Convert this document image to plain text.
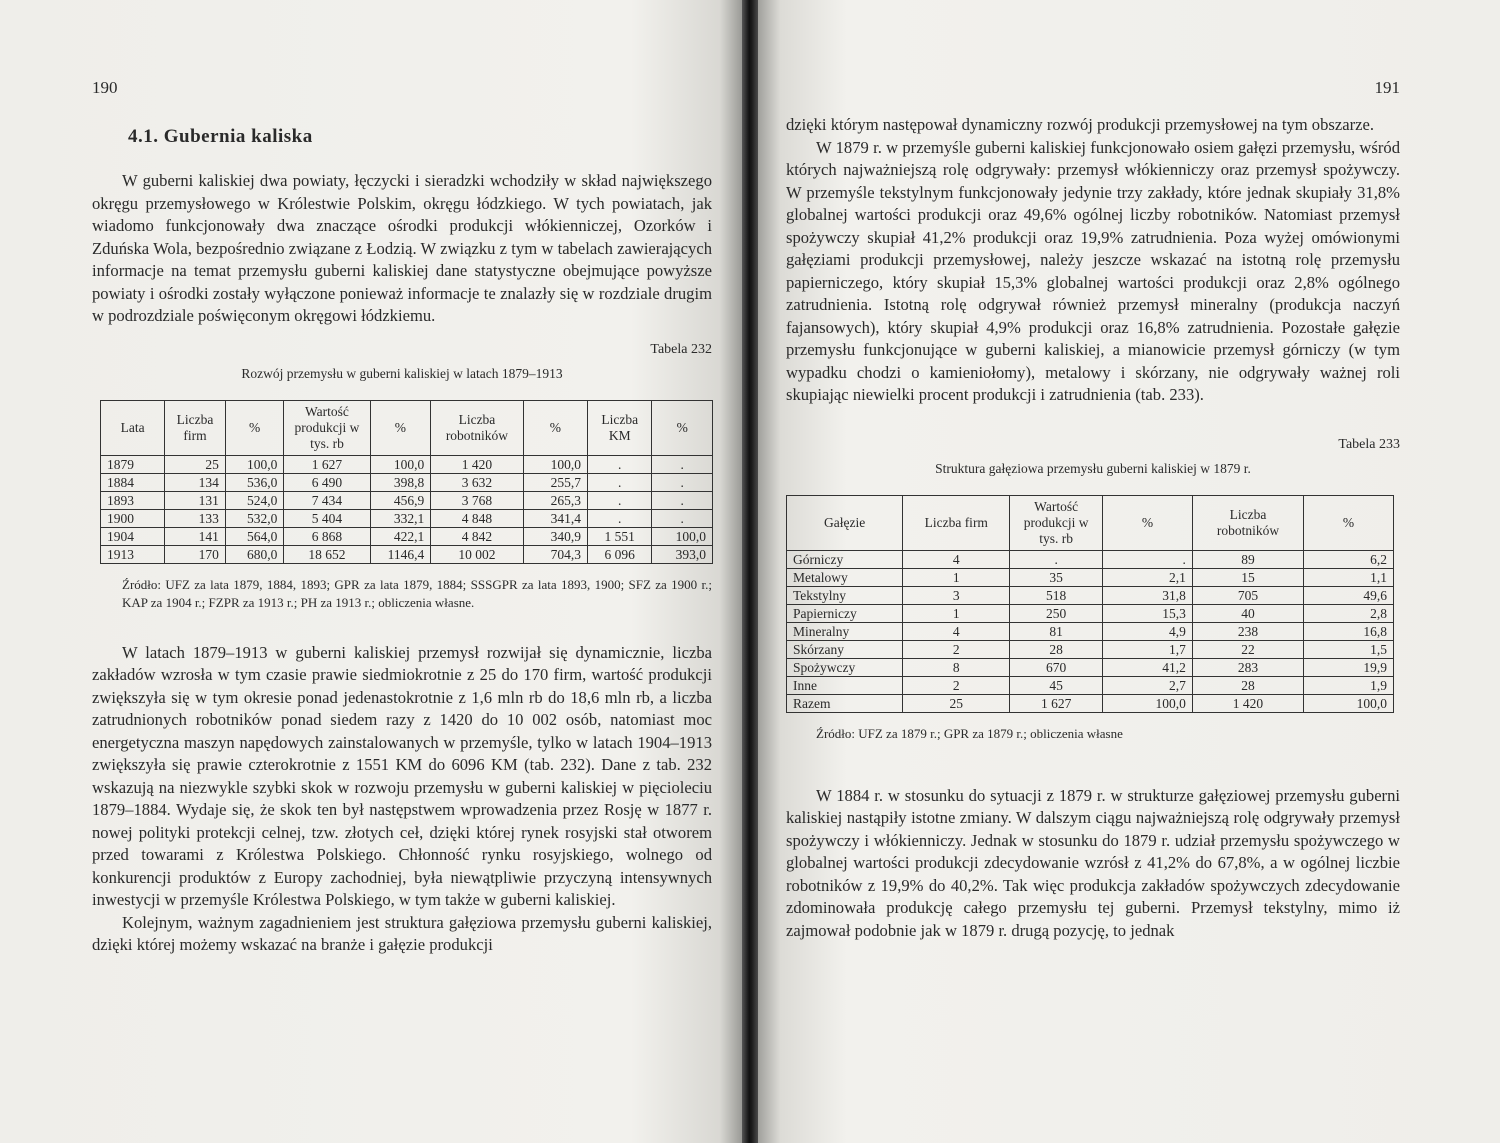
190
4.1. Gubernia kaliska

W guberni kaliskiej dwa powiaty, łęczycki i sieradzki wchodziły w skład największego okręgu przemysłowego w Królestwie Polskim, okręgu łódzkiego. W tych powiatach, jak wiadomo funkcjonowały dwa znaczące ośrodki produkcji włókienniczej, Ozorków i Zduńska Wola, bezpośrednio związane z Łodzią. W związku z tym w tabelach zawierających informacje na temat przemysłu guberni kaliskiej dane statystyczne obejmujące powyższe powiaty i ośrodki zostały wyłączone ponieważ informacje te znalazły się w rozdziale drugim w podrozdziale poświęconym okręgowi łódzkiemu.

Tabela 232
Rozwój przemysłu w guberni kaliskiej w latach 1879–1913
Lata	Liczba firm	%	Wartość produkcji w tys. rb	%	Liczba robotników	%	Liczba KM	%
1879	25	100,0	1 627	100,0	1 420	100,0	.	.
1884	134	536,0	6 490	398,8	3 632	255,7	.	.
1893	131	524,0	7 434	456,9	3 768	265,3	.	.
1900	133	532,0	5 404	332,1	4 848	341,4	.	.
1904	141	564,0	6 868	422,1	4 842	340,9	1 551	100,0
1913	170	680,0	18 652	1146,4	10 002	704,3	6 096	393,0
Źródło: UFZ za lata 1879, 1884, 1893; GPR za lata 1879, 1884; SSSGPR za lata 1893, 1900; SFZ za 1900 r.; KAP za 1904 r.; FZPR za 1913 r.; PH za 1913 r.; obliczenia własne.

W latach 1879–1913 w guberni kaliskiej przemysł rozwijał się dynamicznie, liczba zakładów wzrosła w tym czasie prawie siedmiokrotnie z 25 do 170 firm, wartość produkcji zwiększyła się w tym okresie ponad jedenastokrotnie z 1,6 mln rb do 18,6 mln rb, a liczba zatrudnionych robotników ponad siedem razy z 1420 do 10 002 osób, natomiast moc energetyczna maszyn napędowych zainstalowanych w przemyśle, tylko w latach 1904–1913 zwiększyła się prawie czterokrotnie z 1551 KM do 6096 KM (tab. 232). Dane z tab. 232 wskazują na niezwykle szybki skok w rozwoju przemysłu w guberni kaliskiej w pięcioleciu 1879–1884. Wydaje się, że skok ten był następstwem wprowadzenia przez Rosję w 1877 r. nowej polityki protekcji celnej, tzw. złotych ceł, dzięki której rynek rosyjski stał otworem przed towarami z Królestwa Polskiego. Chłonność rynku rosyjskiego, wolnego od konkurencji produktów z Europy zachodniej, była niewątpliwie przyczyną intensywnych inwestycji w przemyśle Królestwa Polskiego, w tym także w guberni kaliskiej.

Kolejnym, ważnym zagadnieniem jest struktura gałęziowa przemysłu guberni kaliskiej, dzięki której możemy wskazać na branże i gałęzie produkcji

191

dzięki którym następował dynamiczny rozwój produkcji przemysłowej na tym obszarze.

W 1879 r. w przemyśle guberni kaliskiej funkcjonowało osiem gałęzi przemysłu, wśród których najważniejszą rolę odgrywały: przemysł włókienniczy oraz przemysł spożywczy. W przemyśle tekstylnym funkcjonowały jedynie trzy zakłady, które jednak skupiały 31,8% globalnej wartości produkcji oraz 49,6% ogólnej liczby robotników. Natomiast przemysł spożywczy skupiał 41,2% produkcji oraz 19,9% zatrudnienia. Poza wyżej omówionymi gałęziami produkcji przemysłowej, należy jeszcze wskazać na istotną rolę przemysłu papierniczego, który skupiał 15,3% globalnej wartości produkcji oraz 2,8% ogólnego zatrudnienia. Istotną rolę odgrywał również przemysł mineralny (produkcja naczyń fajansowych), który skupiał 4,9% produkcji oraz 16,8% zatrudnienia. Pozostałe gałęzie przemysłu funkcjonujące w guberni kaliskiej, a mianowicie przemysł górniczy (w tym wypadku chodzi o kamieniołomy), metalowy i skórzany, nie odgrywały ważnej roli skupiając niewielki procent produkcji i zatrudnienia (tab. 233).

Tabela 233
Struktura gałęziowa przemysłu guberni kaliskiej w 1879 r.
Gałęzie	Liczba firm	Wartość produkcji w tys. rb	%	Liczba robotników	%
Górniczy	4	.	.	89	6,2
Metalowy	1	35	2,1	15	1,1
Tekstylny	3	518	31,8	705	49,6
Papierniczy	1	250	15,3	40	2,8
Mineralny	4	81	4,9	238	16,8
Skórzany	2	28	1,7	22	1,5
Spożywczy	8	670	41,2	283	19,9
Inne	2	45	2,7	28	1,9
Razem	25	1 627	100,0	1 420	100,0
Źródło: UFZ za 1879 r.; GPR za 1879 r.; obliczenia własne

W 1884 r. w stosunku do sytuacji z 1879 r. w strukturze gałęziowej przemysłu guberni kaliskiej nastąpiły istotne zmiany. W dalszym ciągu najważniejszą rolę odgrywały przemysł spożywczy i włókienniczy. Jednak w stosunku do 1879 r. udział przemysłu spożywczego w globalnej wartości produkcji zdecydowanie wzrósł z 41,2% do 67,8%, a w ogólnej liczbie robotników z 19,9% do 40,2%. Tak więc produkcja zakładów spożywczych zdecydowanie zdominowała produkcję całego przemysłu tej guberni. Przemysł tekstylny, mimo iż zajmował podobnie jak w 1879 r. drugą pozycję, to jednak
